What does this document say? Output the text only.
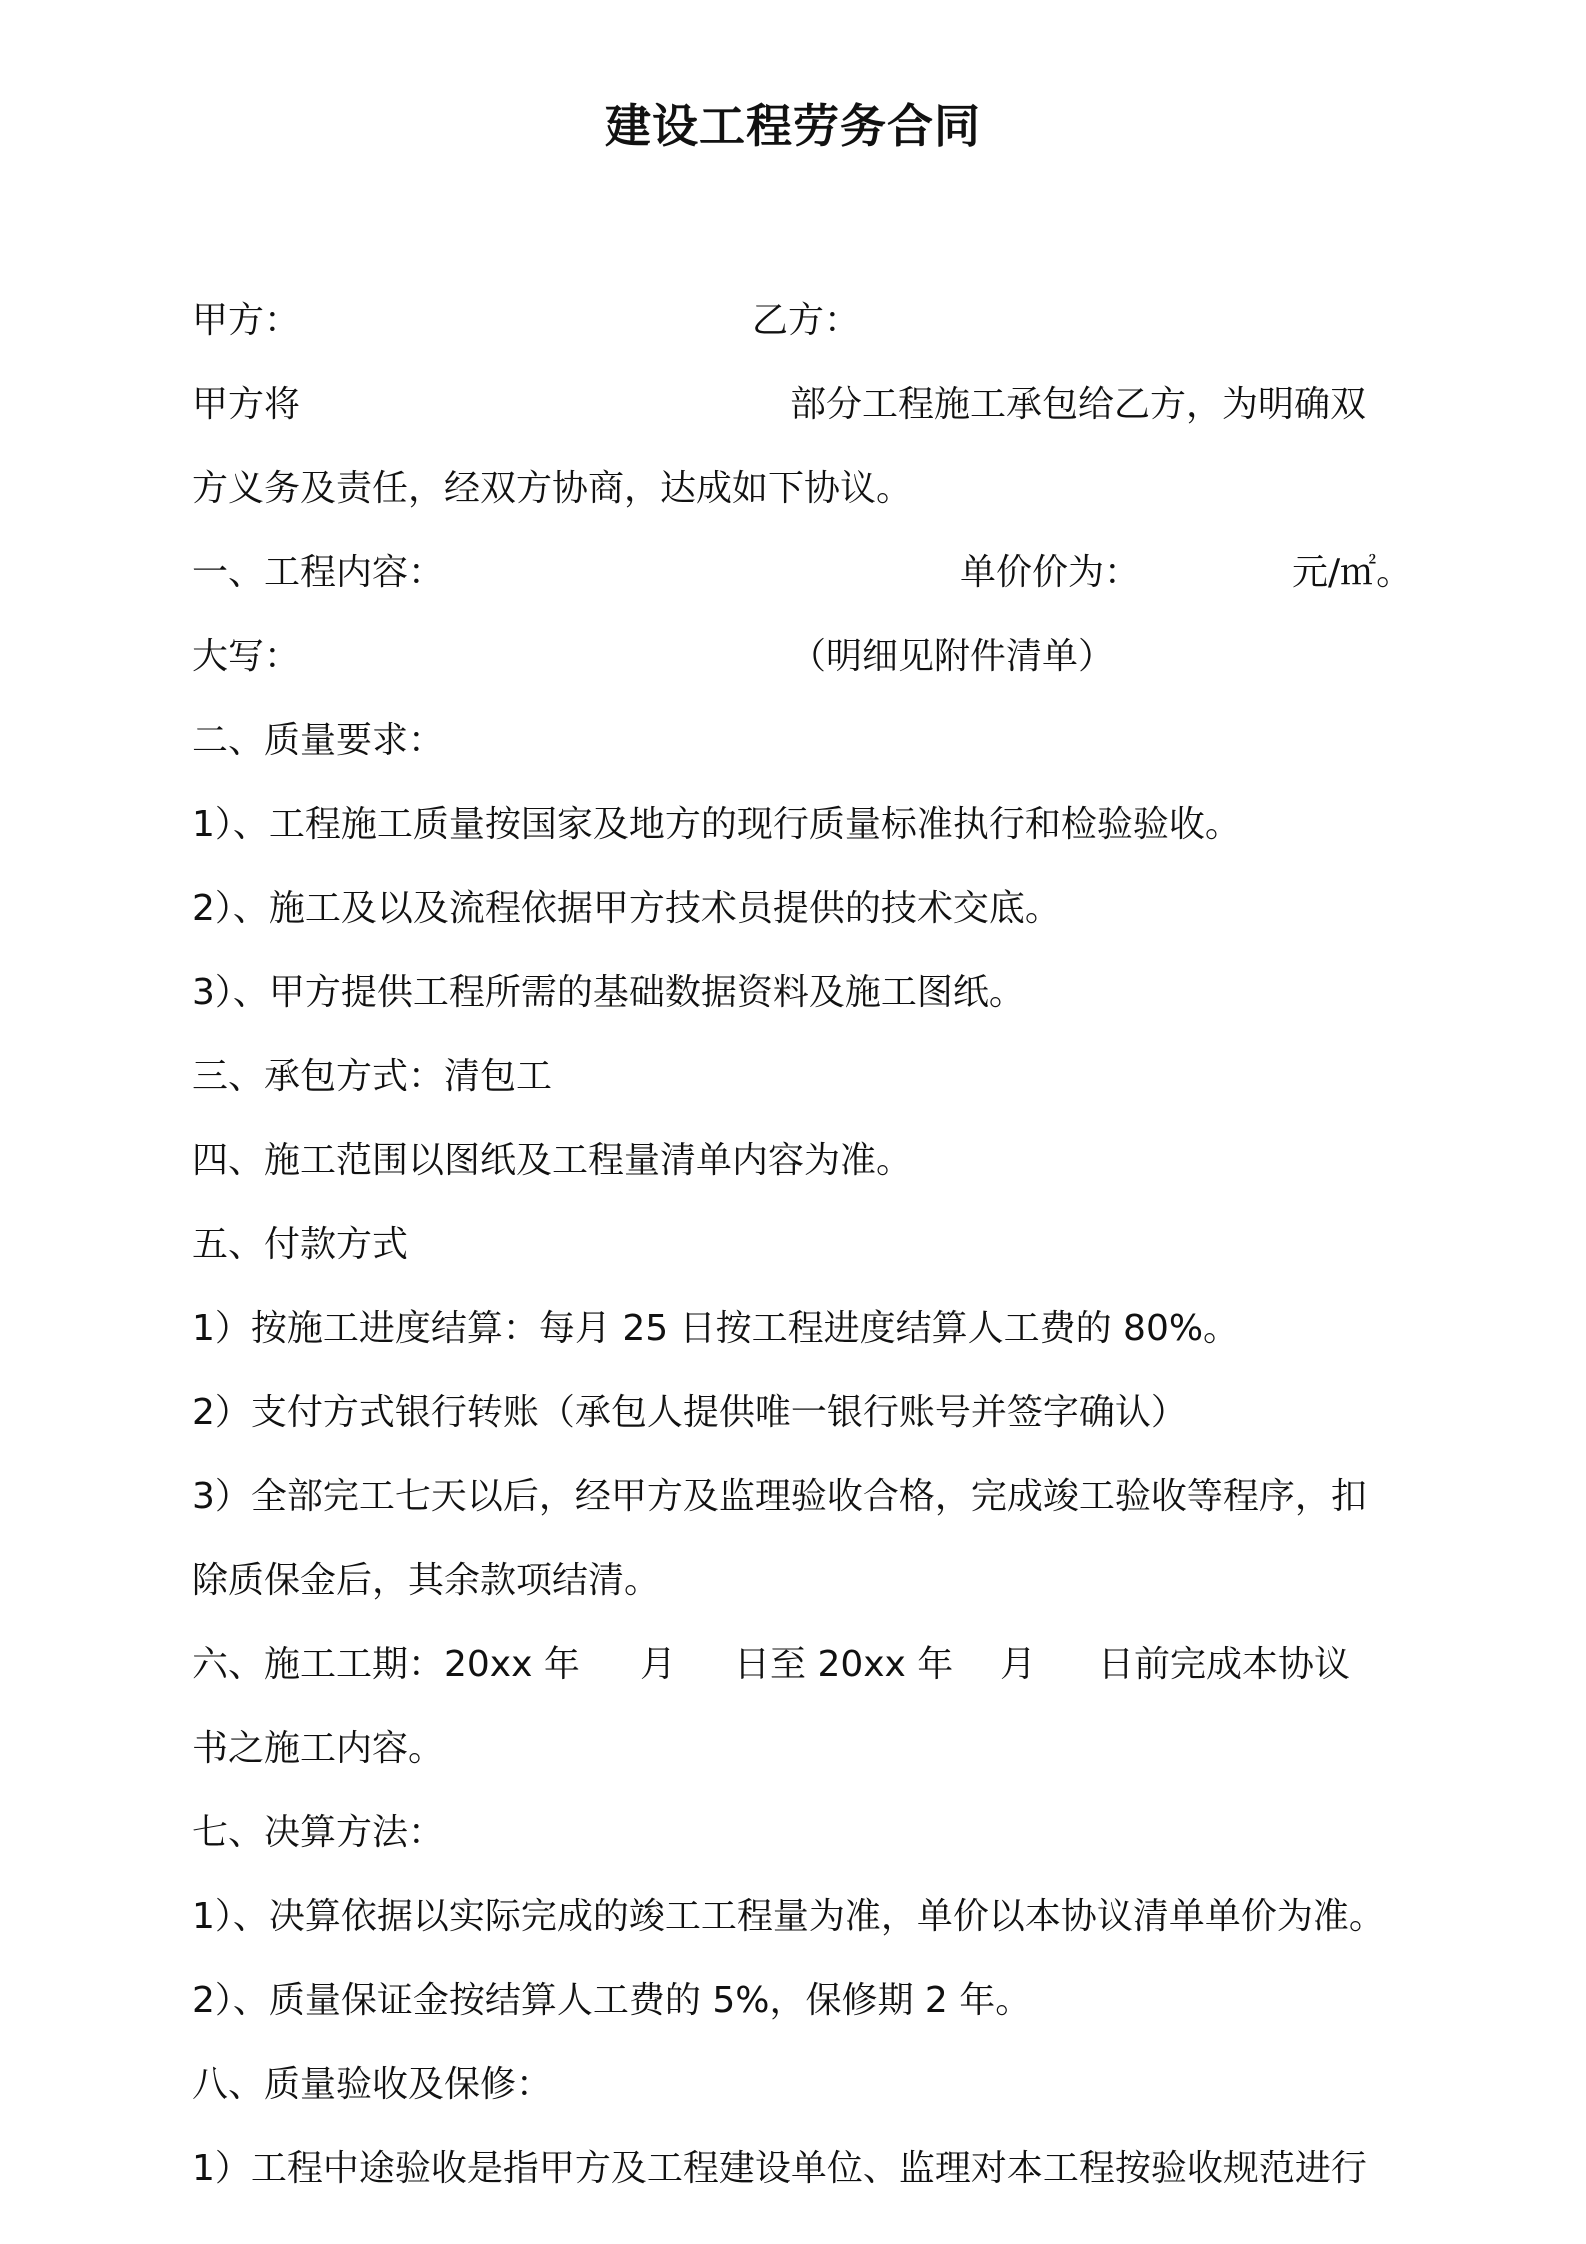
建设工程劳务合同
甲方：	乙方：
甲方将	部分工程施工承包给乙方，为明确双
方义务及责任，经双方协商，达成如下协议。
一、工程内容：	单价价为：	元/㎡。
大写：	（明细见附件清单）
二、质量要求：
1）、工程施工质量按国家及地方的现行质量标准执行和检验验收。
2）、施工及以及流程依据甲方技术员提供的技术交底。
3）、甲方提供工程所需的基础数据资料及施工图纸。
三、承包方式：清包工
四、施工范围以图纸及工程量清单内容为准。
五、付款方式
1）按施工进度结算：每月 25 日按工程进度结算人工费的 80%。
2）支付方式银行转账（承包人提供唯一银行账号并签字确认）
3）全部完工七天以后，经甲方及监理验收合格，完成竣工验收等程序，扣
除质保金后，其余款项结清。
六、施工工期：20xx 年 月 日至 20xx 年 月 日前完成本协议
书之施工内容。
七、决算方法：
1）、决算依据以实际完成的竣工工程量为准，单价以本协议清单单价为准。
2）、质量保证金按结算人工费的 5%，保修期 2 年。
八、质量验收及保修：
1）工程中途验收是指甲方及工程建设单位、监理对本工程按验收规范进行
